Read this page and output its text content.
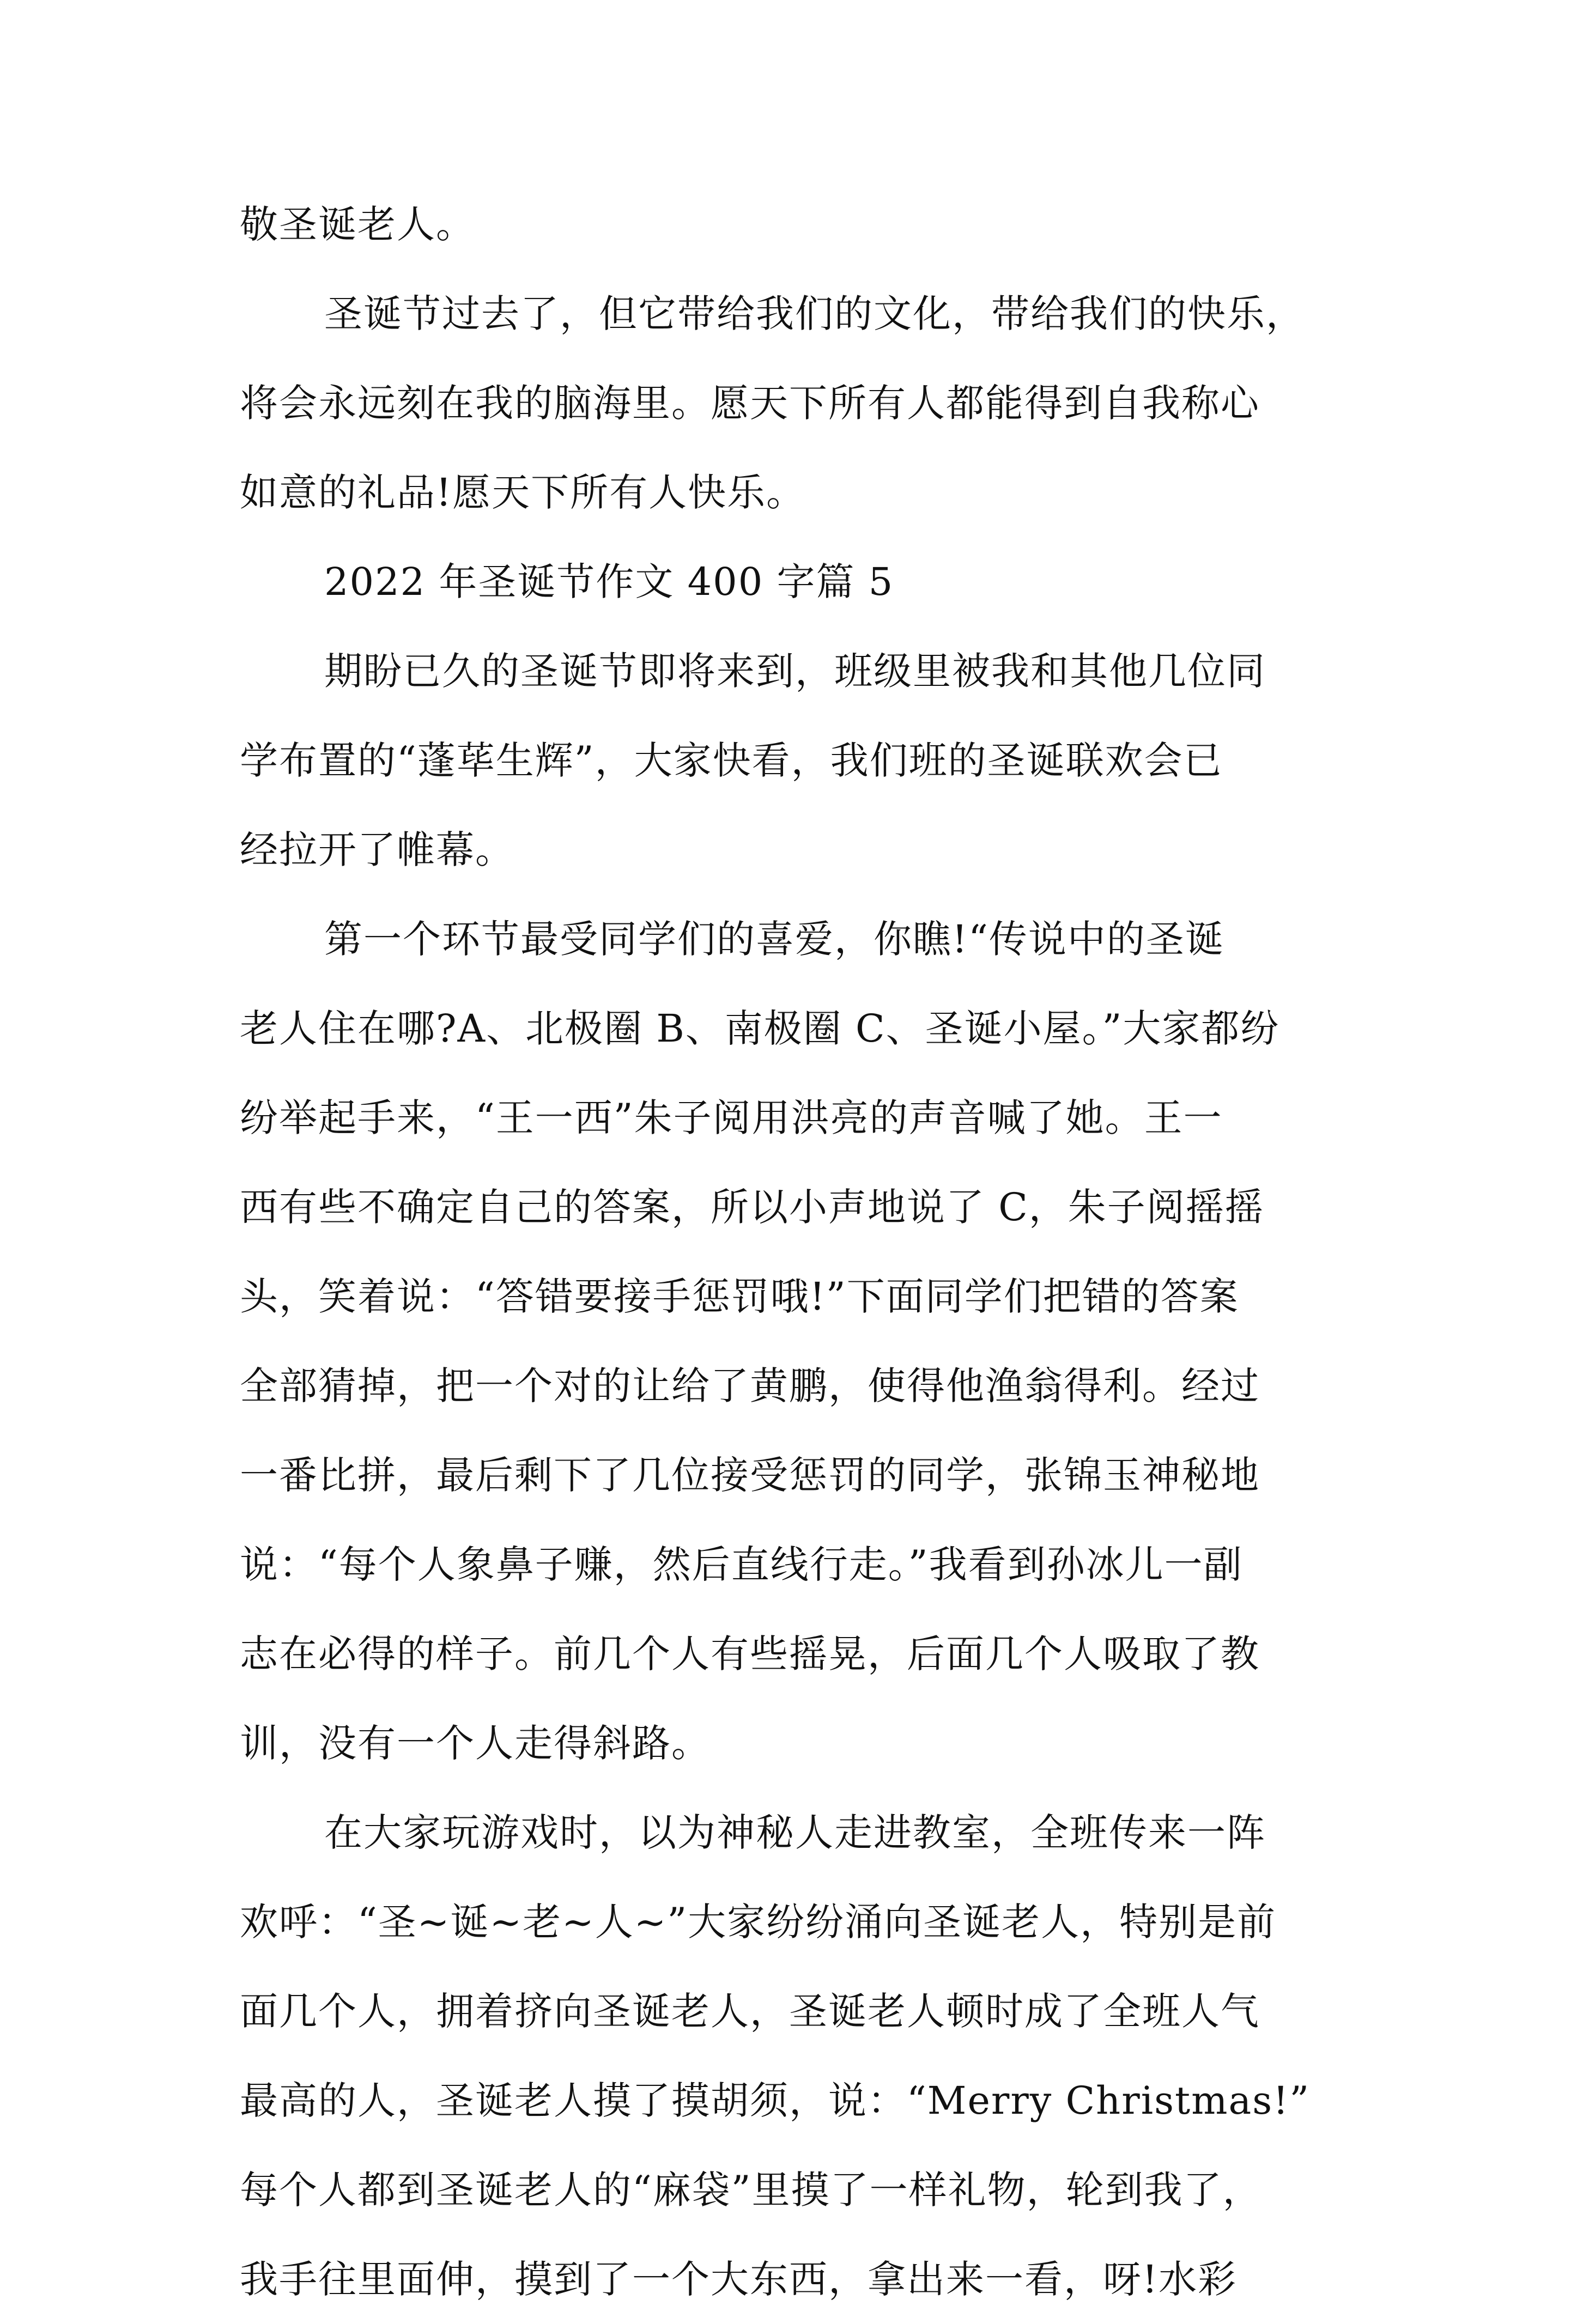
敬圣诞老人。
圣诞节过去了，但它带给我们的文化，带给我们的快乐，
将会永远刻在我的脑海里。愿天下所有人都能得到自我称心
如意的礼品!愿天下所有人快乐。
2022 年圣诞节作文 400 字篇 5
期盼已久的圣诞节即将来到，班级里被我和其他几位同
学布置的“蓬荜生辉”，大家快看，我们班的圣诞联欢会已
经拉开了帷幕。
第一个环节最受同学们的喜爱，你瞧!“传说中的圣诞
老人住在哪?A、北极圈 B、南极圈 C、圣诞小屋。”大家都纷
纷举起手来，“王一西”朱子阅用洪亮的声音喊了她。王一
西有些不确定自己的答案，所以小声地说了 C，朱子阅摇摇
头，笑着说：“答错要接手惩罚哦!”下面同学们把错的答案
全部猜掉，把一个对的让给了黄鹏，使得他渔翁得利。经过
一番比拼，最后剩下了几位接受惩罚的同学，张锦玉神秘地
说：“每个人象鼻子赚，然后直线行走。”我看到孙冰儿一副
志在必得的样子。前几个人有些摇晃，后面几个人吸取了教
训，没有一个人走得斜路。
在大家玩游戏时，以为神秘人走进教室，全班传来一阵
欢呼：“圣~诞~老~人~”大家纷纷涌向圣诞老人，特别是前
面几个人，拥着挤向圣诞老人，圣诞老人顿时成了全班人气
最高的人，圣诞老人摸了摸胡须，说：“Merry Christmas!”
每个人都到圣诞老人的“麻袋”里摸了一样礼物，轮到我了，
我手往里面伸，摸到了一个大东西，拿出来一看，呀!水彩
